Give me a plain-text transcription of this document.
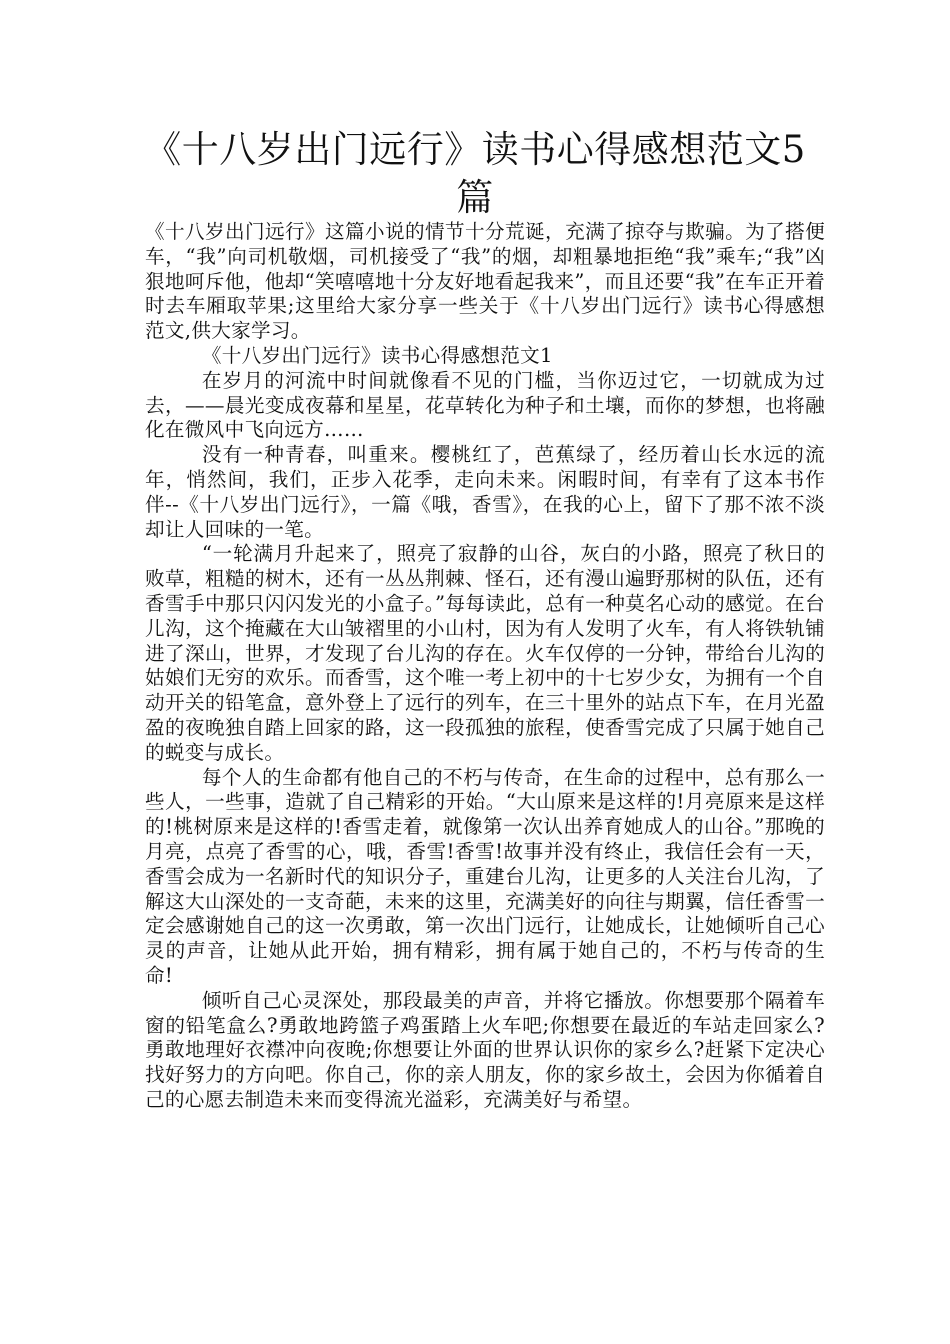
《十八岁出门远行》读书心得感想范文5篇

《十八岁出门远行》这篇小说的情节十分荒诞，充满了掠夺与欺骗。为了搭便车，“我”向司机敬烟，司机接受了“我”的烟，却粗暴地拒绝“我”乘车;“我”凶狠地呵斥他，他却“笑嘻嘻地十分友好地看起我来”，而且还要“我”在车正开着时去车厢取苹果;这里给大家分享一些关于《十八岁出门远行》读书心得感想范文,供大家学习。

《十八岁出门远行》读书心得感想范文1

在岁月的河流中时间就像看不见的门槛，当你迈过它，一切就成为过去，——晨光变成夜幕和星星，花草转化为种子和土壤，而你的梦想，也将融化在微风中飞向远方……

没有一种青春，叫重来。樱桃红了，芭蕉绿了，经历着山长水远的流年，悄然间，我们，正步入花季，走向未来。闲暇时间，有幸有了这本书作伴--《十八岁出门远行》，一篇《哦，香雪》，在我的心上，留下了那不浓不淡却让人回味的一笔。

“一轮满月升起来了，照亮了寂静的山谷，灰白的小路，照亮了秋日的败草，粗糙的树木，还有一丛丛荆棘、怪石，还有漫山遍野那树的队伍，还有香雪手中那只闪闪发光的小盒子。”每每读此，总有一种莫名心动的感觉。在台儿沟，这个掩藏在大山皱褶里的小山村，因为有人发明了火车，有人将铁轨铺进了深山，世界，才发现了台儿沟的存在。火车仅停的一分钟，带给台儿沟的姑娘们无穷的欢乐。而香雪，这个唯一考上初中的十七岁少女，为拥有一个自动开关的铅笔盒，意外登上了远行的列车，在三十里外的站点下车，在月光盈盈的夜晚独自踏上回家的路，这一段孤独的旅程，使香雪完成了只属于她自己的蜕变与成长。

每个人的生命都有他自己的不朽与传奇，在生命的过程中，总有那么一些人，一些事，造就了自己精彩的开始。“大山原来是这样的!月亮原来是这样的!桃树原来是这样的!香雪走着，就像第一次认出养育她成人的山谷。”那晚的月亮，点亮了香雪的心，哦，香雪!香雪!故事并没有终止，我信任会有一天，香雪会成为一名新时代的知识分子，重建台儿沟，让更多的人关注台儿沟，了解这大山深处的一支奇葩，未来的这里，充满美好的向往与期翼，信任香雪一定会感谢她自己的这一次勇敢，第一次出门远行，让她成长，让她倾听自己心灵的声音，让她从此开始，拥有精彩，拥有属于她自己的，不朽与传奇的生命!

倾听自己心灵深处，那段最美的声音，并将它播放。你想要那个隔着车窗的铅笔盒么?勇敢地跨篮子鸡蛋踏上火车吧;你想要在最近的车站走回家么?勇敢地理好衣襟冲向夜晚;你想要让外面的世界认识你的家乡么?赶紧下定决心找好努力的方向吧。你自己，你的亲人朋友，你的家乡故土，会因为你循着自己的心愿去制造未来而变得流光溢彩，充满美好与希望。
